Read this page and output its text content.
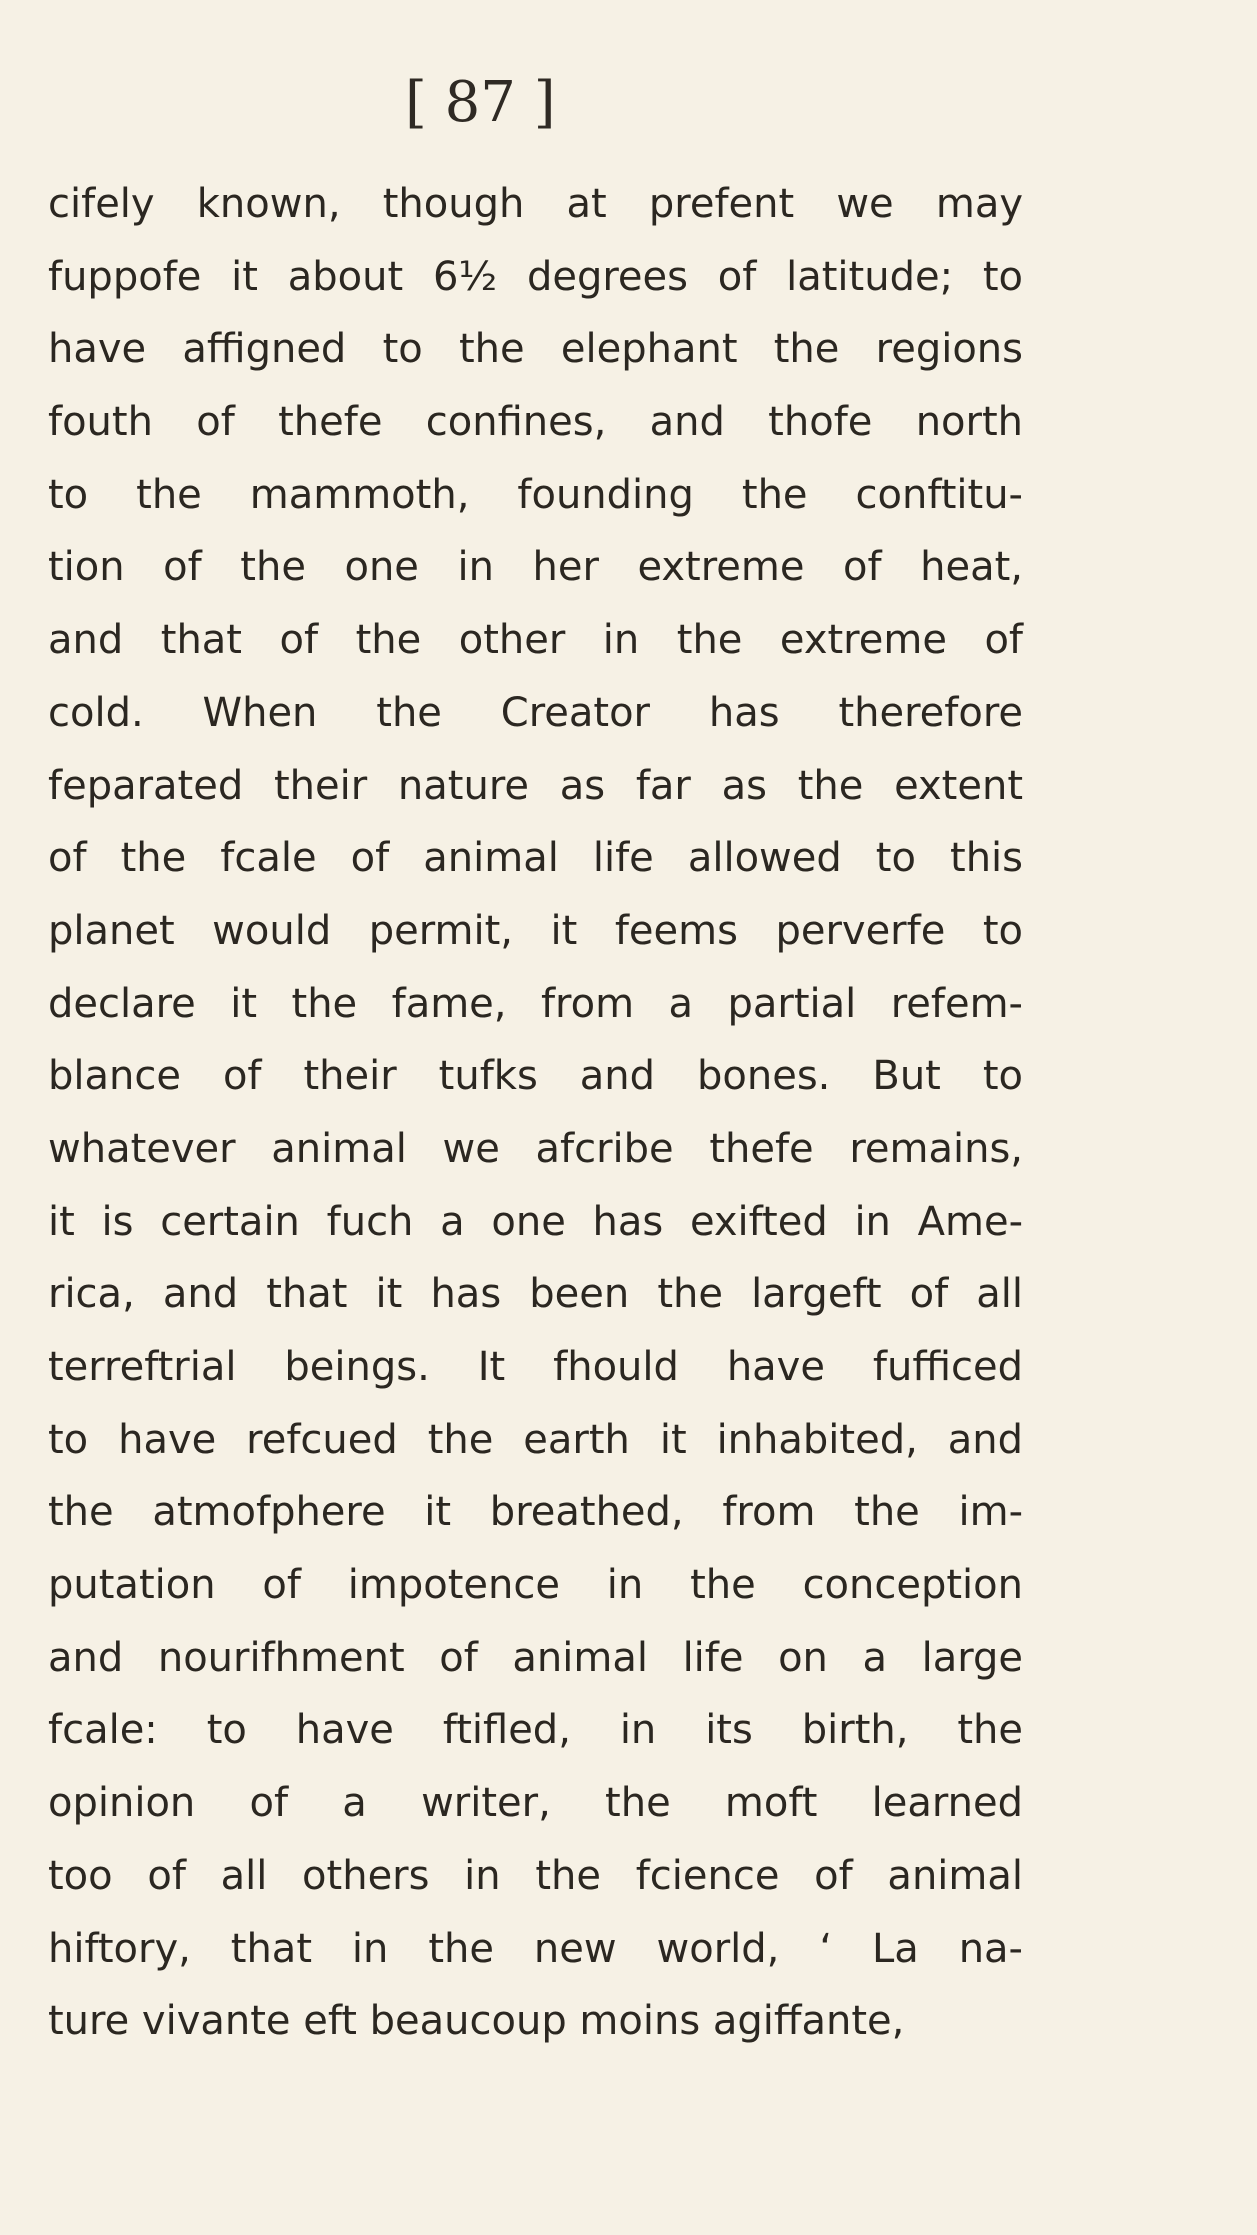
[ 87 ]
cifely known, though at prefent we may
fuppofe it about 6½ degrees of latitude; to
have affigned to the elephant the regions
fouth of thefe confines, and thofe north
to the mammoth, founding the conftitu-
tion of the one in her extreme of heat,
and that of the other in the extreme of
cold. When the Creator has therefore
feparated their nature as far as the extent
of the fcale of animal life allowed to this
planet would permit, it feems perverfe to
declare it the fame, from a partial refem-
blance of their tufks and bones. But to
whatever animal we afcribe thefe remains,
it is certain fuch a one has exifted in Ame-
rica, and that it has been the largeft of all
terreftrial beings. It fhould have fufficed
to have refcued the earth it inhabited, and
the atmofphere it breathed, from the im-
putation of impotence in the conception
and nourifhment of animal life on a large
fcale: to have ftifled, in its birth, the
opinion of a writer, the moft learned
too of all others in the fcience of animal
hiftory, that in the new world, ‘ La na-
ture vivante eft beaucoup moins agiffante,
